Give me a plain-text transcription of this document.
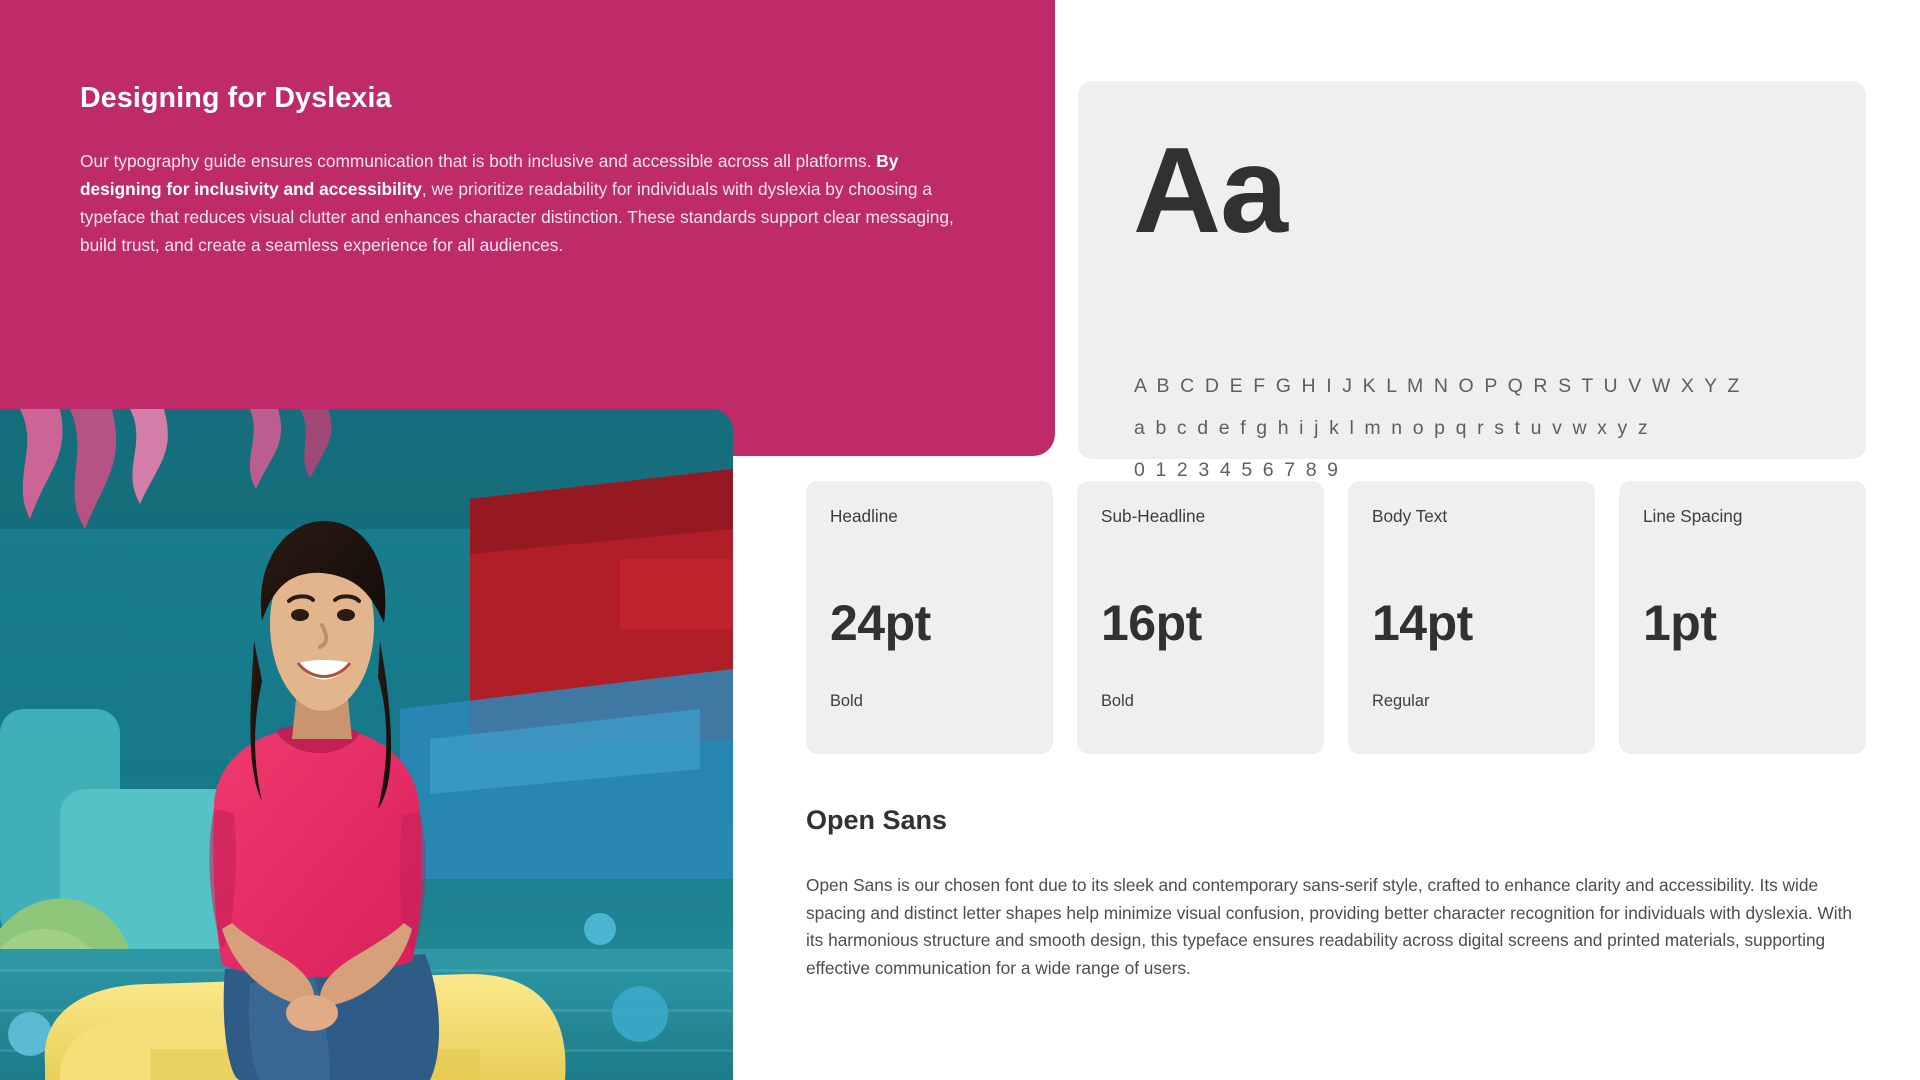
Designing for Dyslexia
Our typography guide ensures communication that is both inclusive and accessible across all platforms. By designing for inclusivity and accessibility, we prioritize readability for individuals with dyslexia by choosing a typeface that reduces visual clutter and enhances character distinction. These standards support clear messaging, build trust, and create a seamless experience for all audiences.	Aa
A B C D E F G H I J K L M N O P Q R S T U V W X Y Z
a b c d e f g h i j k l m n o p q r s t u v w x y z
0 1 2 3 4 5 6 7 8 9
Headline
24pt
Bold
Sub-Headline
16pt
Bold
Body Text
14pt
Regular
Line Spacing
1pt
Open Sans
Open Sans is our chosen font due to its sleek and contemporary sans-serif style, crafted to enhance clarity and accessibility. Its wide spacing and distinct letter shapes help minimize visual confusion, providing better character recognition for individuals with dyslexia. With its harmonious structure and smooth design, this typeface ensures readability across digital screens and printed materials, supporting effective communication for a wide range of users.
